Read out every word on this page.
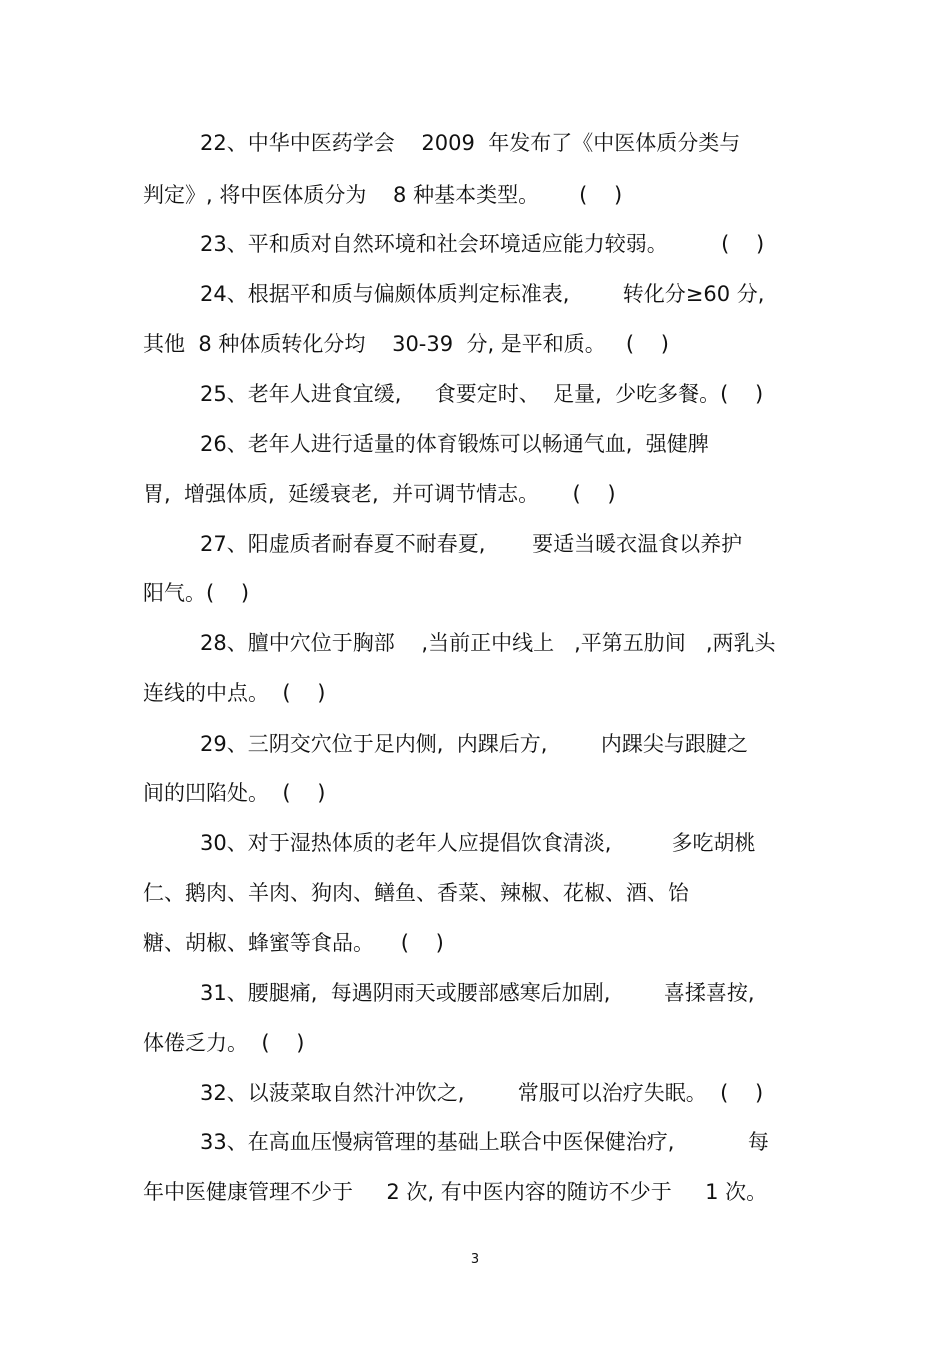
22、中华中医药学会    2009  年发布了《中医体质分类与
判定》, 将中医体质分为    8 种基本类型。      (    )
23、平和质对自然环境和社会环境适应能力较弱。        (    )
24、根据平和质与偏颇体质判定标准表,        转化分≥60 分,
其他  8 种体质转化分均    30-39  分, 是平和质。   (    )
25、老年人进食宜缓,     食要定时、  足量,  少吃多餐。(    )
26、老年人进行适量的体育锻炼可以畅通气血,  强健脾
胃,  增强体质,  延缓衰老,  并可调节情志。     (    )
27、阳虚质者耐春夏不耐春夏,       要适当暖衣温食以养护
阳气。(    )
28、膻中穴位于胸部    ,当前正中线上   ,平第五肋间   ,两乳头
连线的中点。  (    )
29、三阴交穴位于足内侧,  内踝后方,        内踝尖与跟腱之
间的凹陷处。  (    )
30、对于湿热体质的老年人应提倡饮食清淡,         多吃胡桃
仁、鹅肉、羊肉、狗肉、鳝鱼、香菜、辣椒、花椒、酒、饴
糖、胡椒、蜂蜜等食品。    (    )
31、腰腿痛,  每遇阴雨天或腰部感寒后加剧,        喜揉喜按,
体倦乏力。  (    )
32、以菠菜取自然汁冲饮之,        常服可以治疗失眠。  (    )
33、在高血压慢病管理的基础上联合中医保健治疗,           每
年中医健康管理不少于     2 次, 有中医内容的随访不少于     1 次。
3
